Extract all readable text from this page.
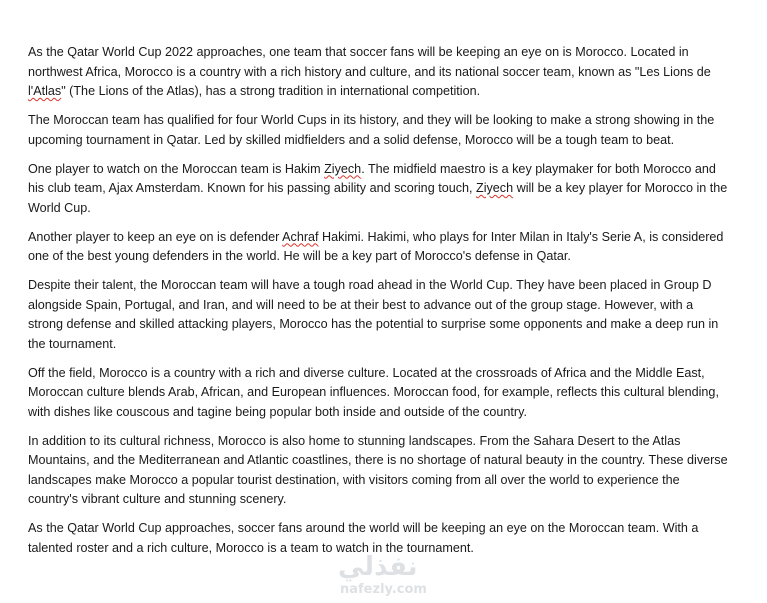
As the Qatar World Cup 2022 approaches, one team that soccer fans will be keeping an eye on is Morocco. Located in northwest Africa, Morocco is a country with a rich history and culture, and its national soccer team, known as "Les Lions de l'Atlas" (The Lions of the Atlas), has a strong tradition in international competition.

The Moroccan team has qualified for four World Cups in its history, and they will be looking to make a strong showing in the upcoming tournament in Qatar. Led by skilled midfielders and a solid defense, Morocco will be a tough team to beat.

One player to watch on the Moroccan team is Hakim Ziyech. The midfield maestro is a key playmaker for both Morocco and his club team, Ajax Amsterdam. Known for his passing ability and scoring touch, Ziyech will be a key player for Morocco in the World Cup.

Another player to keep an eye on is defender Achraf Hakimi. Hakimi, who plays for Inter Milan in Italy's Serie A, is considered one of the best young defenders in the world. He will be a key part of Morocco's defense in Qatar.

Despite their talent, the Moroccan team will have a tough road ahead in the World Cup. They have been placed in Group D alongside Spain, Portugal, and Iran, and will need to be at their best to advance out of the group stage. However, with a strong defense and skilled attacking players, Morocco has the potential to surprise some opponents and make a deep run in the tournament.

Off the field, Morocco is a country with a rich and diverse culture. Located at the crossroads of Africa and the Middle East, Moroccan culture blends Arab, African, and European influences. Moroccan food, for example, reflects this cultural blending, with dishes like couscous and tagine being popular both inside and outside of the country.

In addition to its cultural richness, Morocco is also home to stunning landscapes. From the Sahara Desert to the Atlas Mountains, and the Mediterranean and Atlantic coastlines, there is no shortage of natural beauty in the country. These diverse landscapes make Morocco a popular tourist destination, with visitors coming from all over the world to experience the country's vibrant culture and stunning scenery.

As the Qatar World Cup approaches, soccer fans around the world will be keeping an eye on the Moroccan team. With a talented roster and a rich culture, Morocco is a team to watch in the tournament.

نفذلي
nafezly.com
